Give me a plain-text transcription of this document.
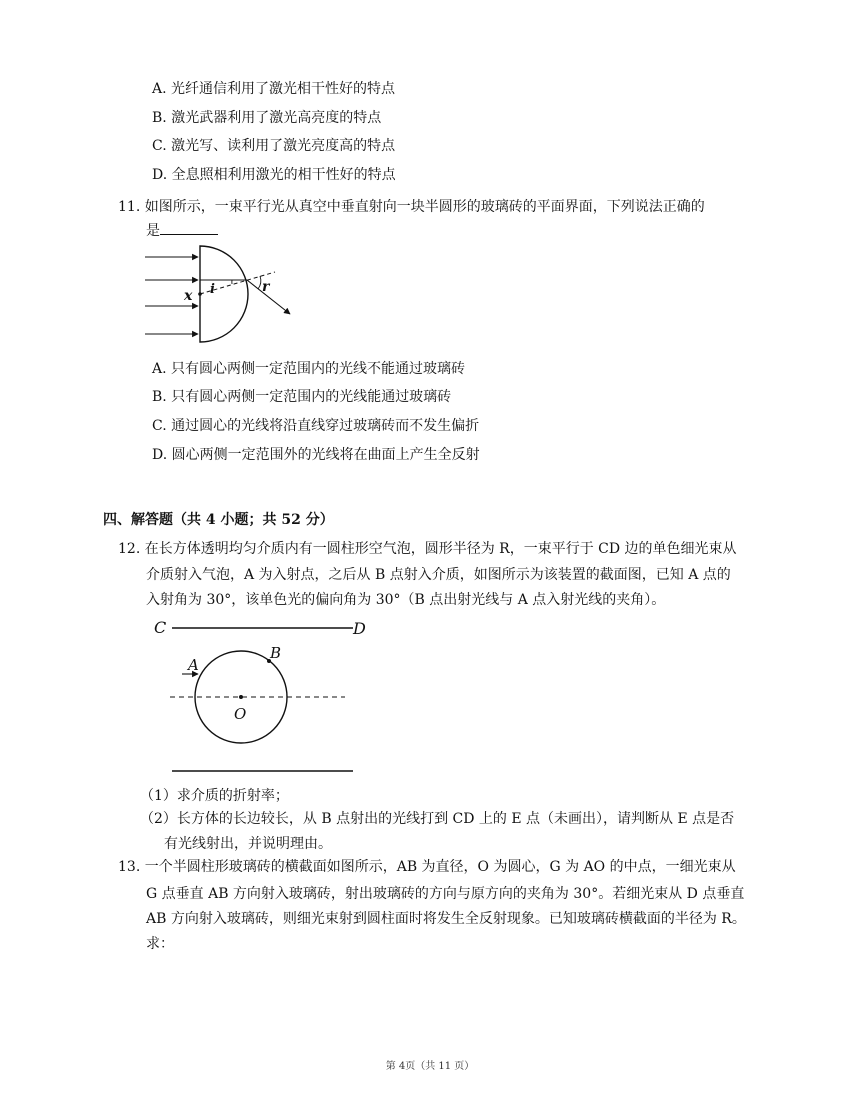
A. 光纤通信利用了激光相干性好的特点
B. 激光武器利用了激光高亮度的特点
C. 激光写、读利用了激光亮度高的特点
D. 全息照相利用激光的相干性好的特点
11. 如图所示，一束平行光从真空中垂直射向一块半圆形的玻璃砖的平面界面，下列说法正确的
是
x i	r
A. 只有圆心两侧一定范围内的光线不能通过玻璃砖
B. 只有圆心两侧一定范围内的光线能通过玻璃砖
C. 通过圆心的光线将沿直线穿过玻璃砖而不发生偏折
D. 圆心两侧一定范围外的光线将在曲面上产生全反射
四、解答题（共 4 小题；共 52 分）
12. 在长方体透明均匀介质内有一圆柱形空气泡，圆形半径为 R，一束平行于 CD 边的单色细光束从
介质射入气泡，A 为入射点，之后从 B 点射入介质，如图所示为该装置的截面图，已知 A 点的
入射角为 30°，该单色光的偏向角为 30°（B 点出射光线与 A 点入射光线的夹角）。
C	D
A
B
O
（1）求介质的折射率；
（2）长方体的长边较长，从 B 点射出的光线打到 CD 上的 E 点（未画出），请判断从 E 点是否
有光线射出，并说明理由。
13. 一个半圆柱形玻璃砖的横截面如图所示，AB 为直径，O 为圆心，G 为 AO 的中点，一细光束从
G 点垂直 AB 方向射入玻璃砖，射出玻璃砖的方向与原方向的夹角为 30°。若细光束从 D 点垂直
AB 方向射入玻璃砖，则细光束射到圆柱面时将发生全反射现象。已知玻璃砖横截面的半径为 R。
求：
第 4页（共 11 页）
